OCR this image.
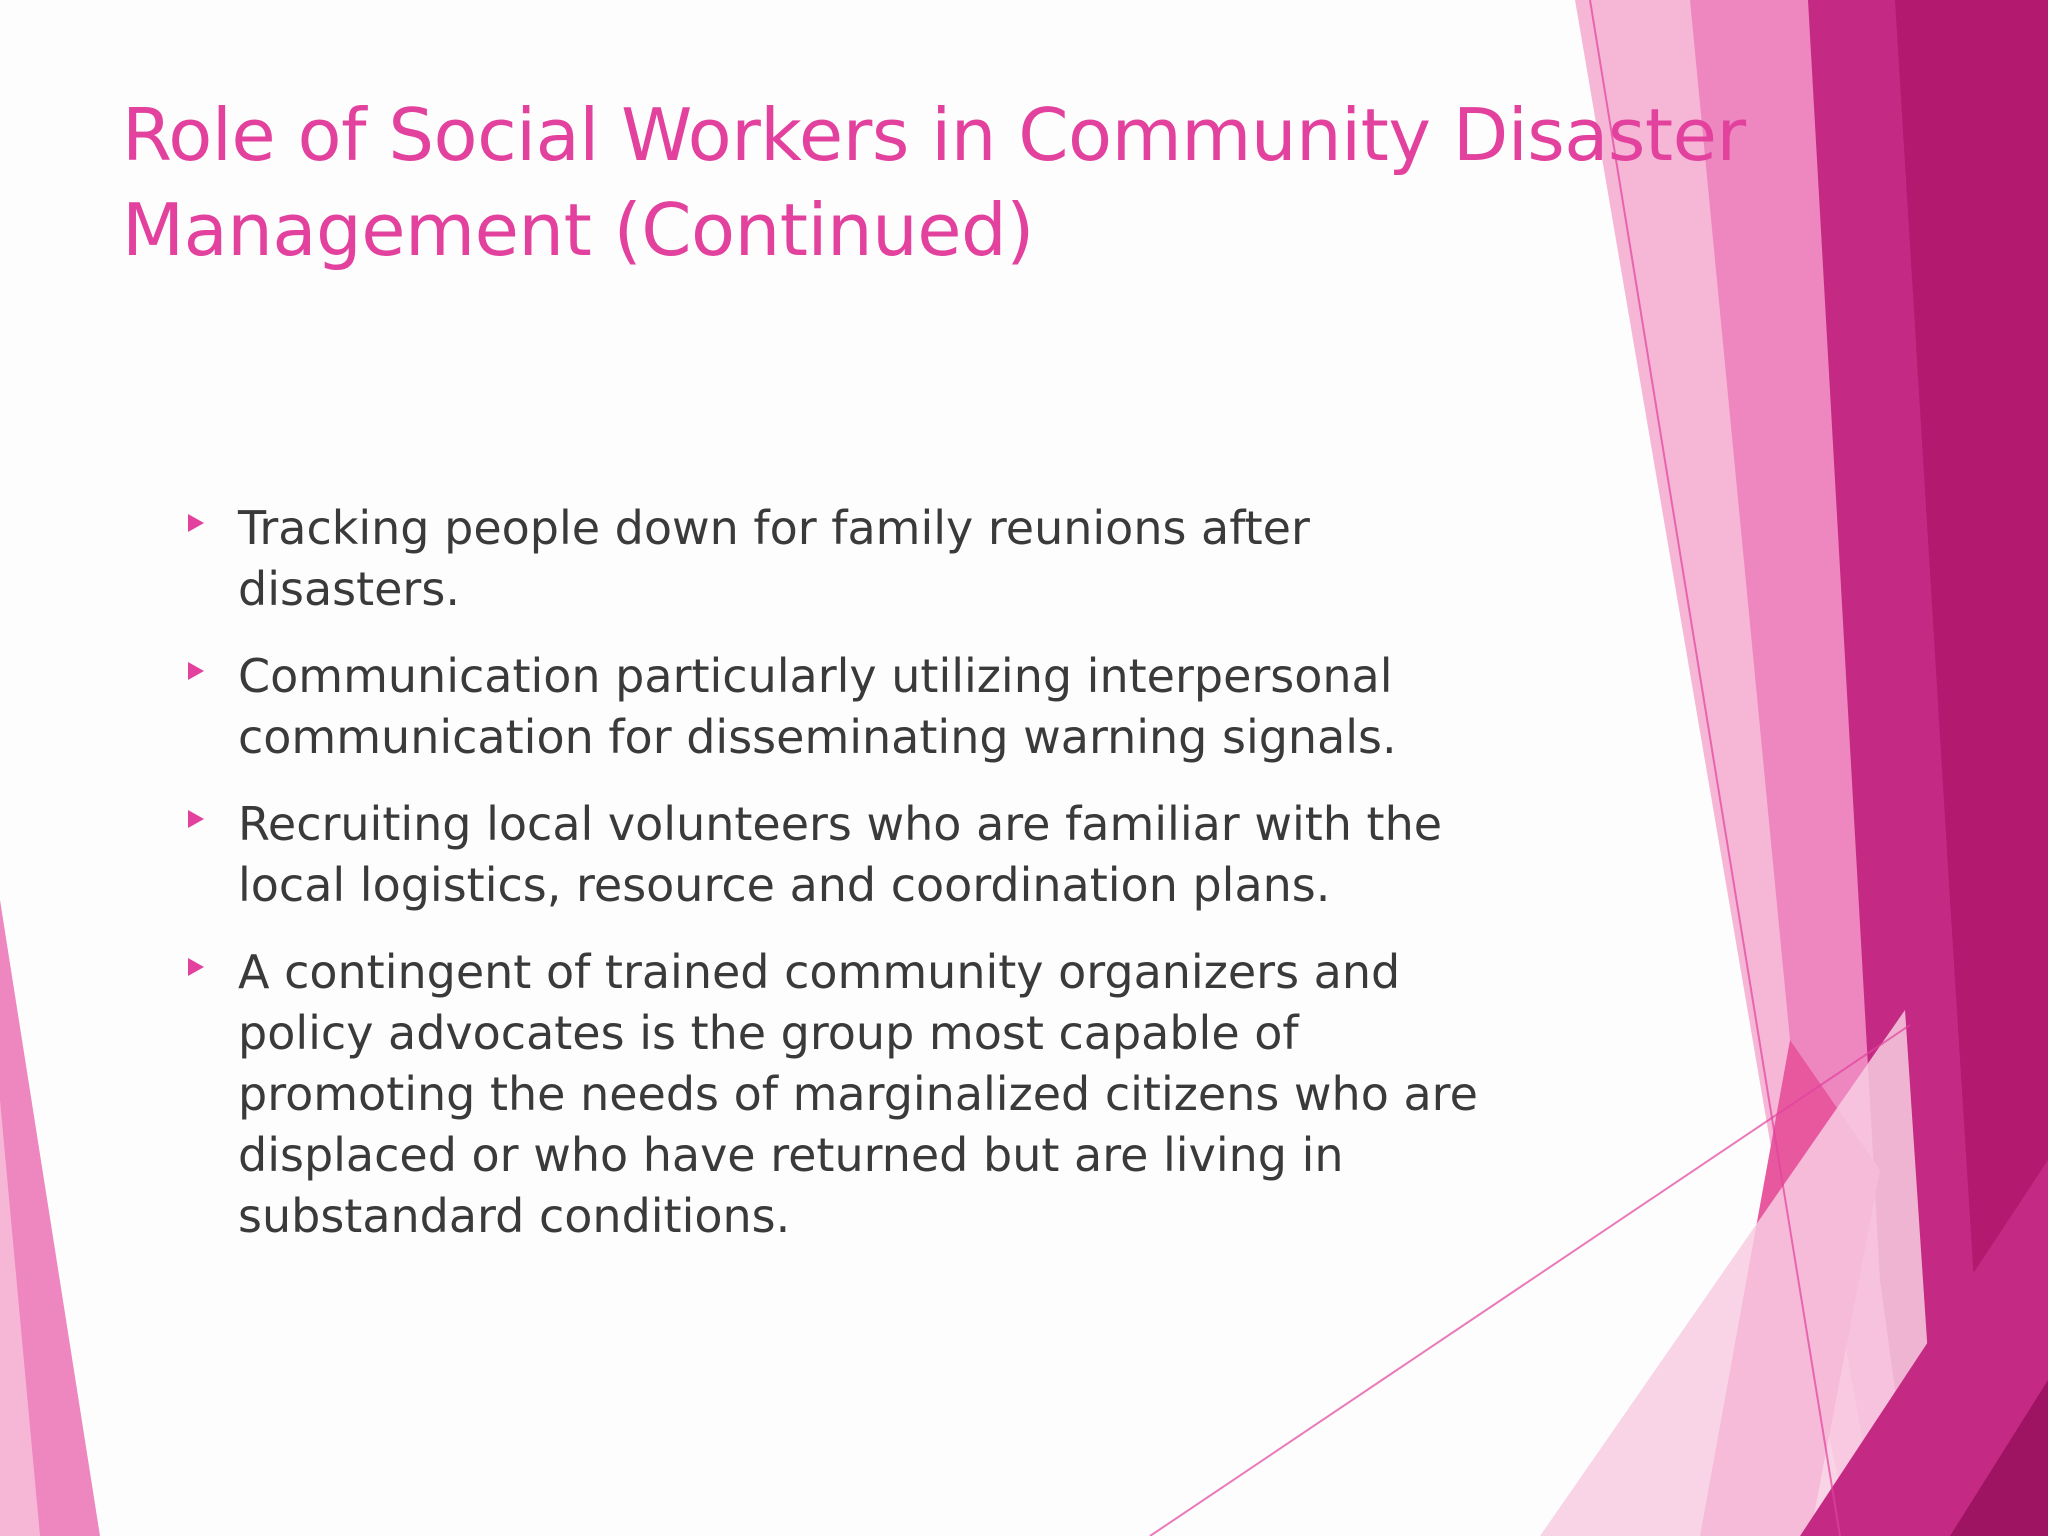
Role of Social Workers in Community Disaster Management (Continued)
Tracking people down for family reunions after disasters.
Communication particularly utilizing interpersonal communication for disseminating warning signals.
Recruiting local volunteers who are familiar with the local logistics, resource and coordination plans.
A contingent of trained community organizers and policy advocates is the group most capable of promoting the needs of marginalized citizens who are displaced or who have returned but are living in substandard conditions.
